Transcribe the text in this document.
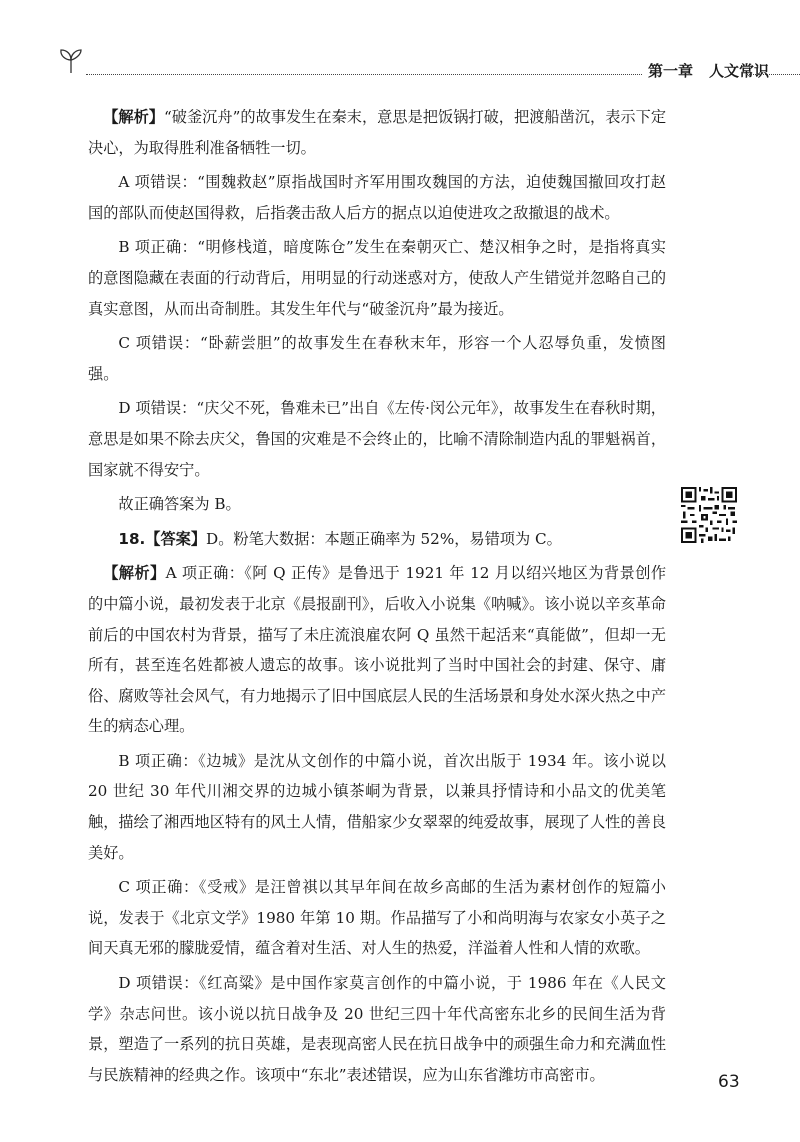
第一章 人文常识

【解析】“破釜沉舟”的故事发生在秦末，意思是把饭锅打破，把渡船凿沉，表示下定决心，为取得胜利准备牺牲一切。

A 项错误：“围魏救赵”原指战国时齐军用围攻魏国的方法，迫使魏国撤回攻打赵国的部队而使赵国得救，后指袭击敌人后方的据点以迫使进攻之敌撤退的战术。

B 项正确：“明修栈道，暗度陈仓”发生在秦朝灭亡、楚汉相争之时，是指将真实的意图隐藏在表面的行动背后，用明显的行动迷惑对方，使敌人产生错觉并忽略自己的真实意图，从而出奇制胜。其发生年代与“破釜沉舟”最为接近。

C 项错误：“卧薪尝胆”的故事发生在春秋末年，形容一个人忍辱负重，发愤图强。

D 项错误：“庆父不死，鲁难未已”出自《左传·闵公元年》，故事发生在春秋时期，意思是如果不除去庆父，鲁国的灾难是不会终止的，比喻不清除制造内乱的罪魁祸首，国家就不得安宁。

故正确答案为 B。

18.【答案】D。粉笔大数据：本题正确率为 52%，易错项为 C。

【解析】A 项正确：《阿 Q 正传》是鲁迅于 1921 年 12 月以绍兴地区为背景创作的中篇小说，最初发表于北京《晨报副刊》，后收入小说集《呐喊》。该小说以辛亥革命前后的中国农村为背景，描写了未庄流浪雇农阿 Q 虽然干起活来“真能做”，但却一无所有，甚至连名姓都被人遗忘的故事。该小说批判了当时中国社会的封建、保守、庸俗、腐败等社会风气，有力地揭示了旧中国底层人民的生活场景和身处水深火热之中产生的病态心理。

B 项正确：《边城》是沈从文创作的中篇小说，首次出版于 1934 年。该小说以 20 世纪 30 年代川湘交界的边城小镇茶峒为背景，以兼具抒情诗和小品文的优美笔触，描绘了湘西地区特有的风土人情，借船家少女翠翠的纯爱故事，展现了人性的善良美好。

C 项正确：《受戒》是汪曾祺以其早年间在故乡高邮的生活为素材创作的短篇小说，发表于《北京文学》1980 年第 10 期。作品描写了小和尚明海与农家女小英子之间天真无邪的朦胧爱情，蕴含着对生活、对人生的热爱，洋溢着人性和人情的欢歌。

D 项错误：《红高粱》是中国作家莫言创作的中篇小说，于 1986 年在《人民文学》杂志问世。该小说以抗日战争及 20 世纪三四十年代高密东北乡的民间生活为背景，塑造了一系列的抗日英雄，是表现高密人民在抗日战争中的顽强生命力和充满血性与民族精神的经典之作。该项中“东北”表述错误，应为山东省潍坊市高密市。	63
